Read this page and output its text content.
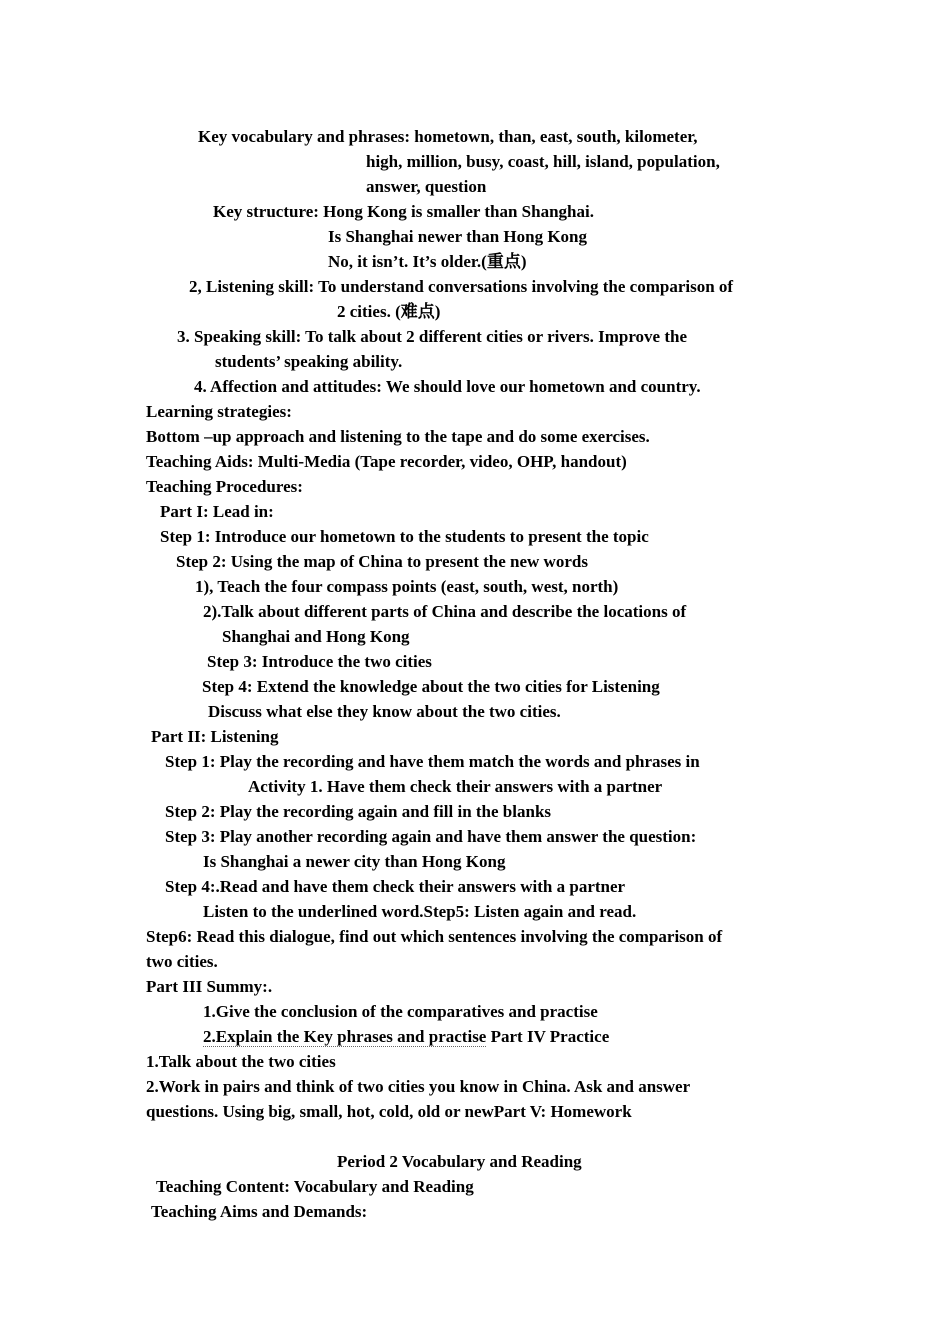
Key vocabulary and phrases: hometown, than, east, south, kilometer,
high, million, busy, coast, hill, island, population,
answer, question
Key structure: Hong Kong is smaller than Shanghai.
Is Shanghai newer than Hong Kong
No, it isn’t. It’s older.(重点)
2, Listening skill: To understand conversations involving the comparison of
2 cities. (难点)
3. Speaking skill: To talk about 2 different cities or rivers. Improve the
students’ speaking ability.
4. Affection and attitudes: We should love our hometown and country.
Learning strategies:
Bottom –up approach and listening to the tape and do some exercises.
Teaching Aids: Multi-Media (Tape recorder, video, OHP, handout)
Teaching Procedures:
Part I: Lead in:
Step 1: Introduce our hometown to the students to present the topic
Step 2: Using the map of China to present the new words
1), Teach the four compass points (east, south, west, north)
2).Talk about different parts of China and describe the locations of
Shanghai and Hong Kong
Step 3: Introduce the two cities
Step 4: Extend the knowledge about the two cities for Listening
Discuss what else they know about the two cities.
Part II: Listening
Step 1: Play the recording and have them match the words and phrases in
Activity 1. Have them check their answers with a partner
Step 2: Play the recording again and fill in the blanks
Step 3: Play another recording again and have them answer the question:
Is Shanghai a newer city than Hong Kong
Step 4:.Read and have them check their answers with a partner
Listen to the underlined word.Step5: Listen again and read.
Step6: Read this dialogue, find out which sentences involving the comparison of
two cities.
Part III Summy:.
1.Give the conclusion of the comparatives and practise
2.Explain the Key phrases and practise Part IV Practice
1.Talk about the two cities
2.Work in pairs and think of two cities you know in China. Ask and answer
questions. Using big, small, hot, cold, old or newPart V: Homework
Period 2 Vocabulary and Reading
Teaching Content: Vocabulary and Reading
Teaching Aims and Demands:
